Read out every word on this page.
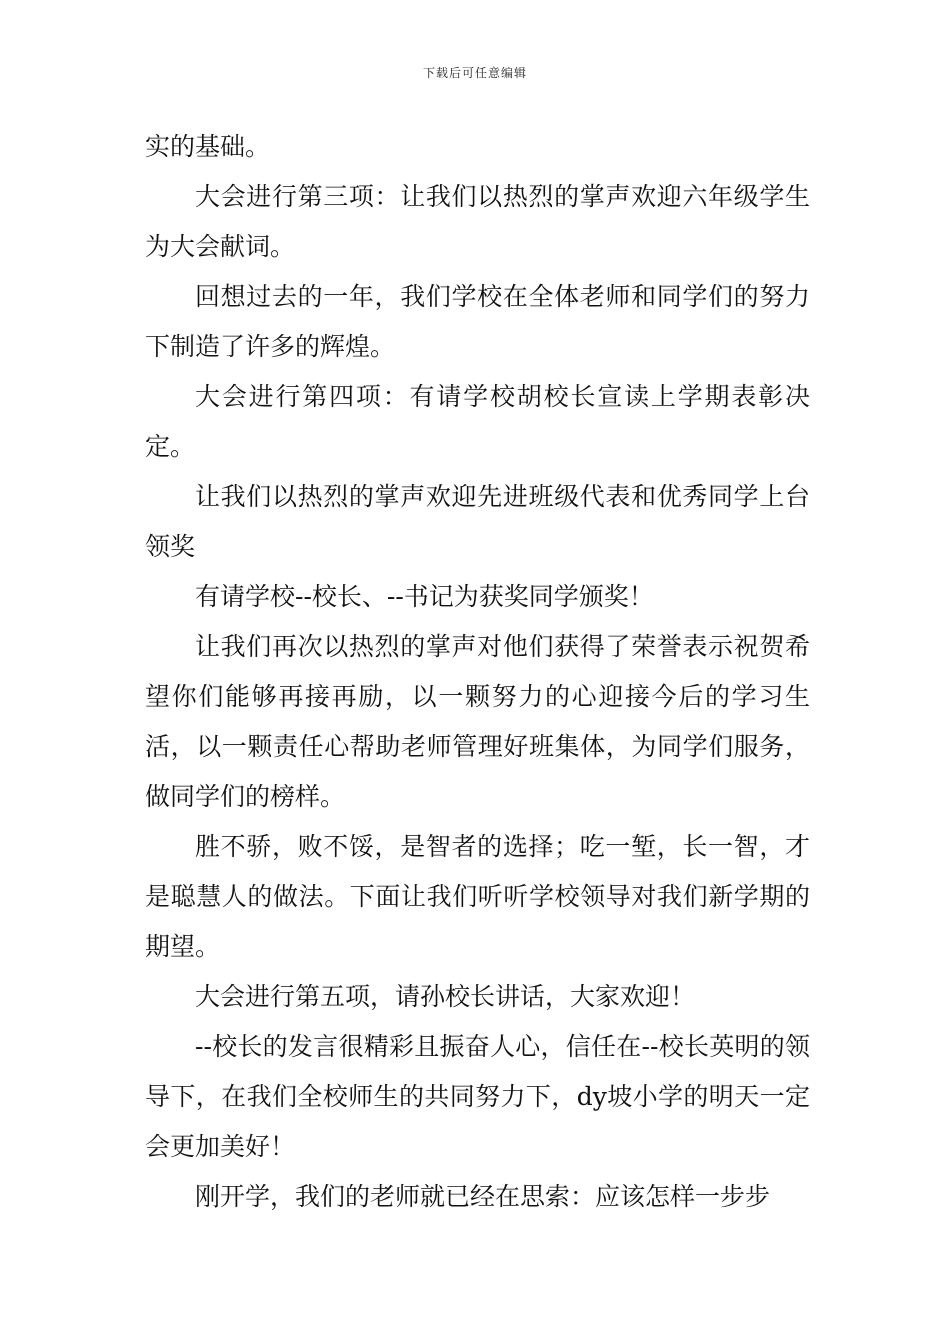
下载后可任意编辑

实的基础。

大会进行第三项：让我们以热烈的掌声欢迎六年级学生为大会献词。

回想过去的一年，我们学校在全体老师和同学们的努力下制造了许多的辉煌。

大会进行第四项：有请学校胡校长宣读上学期表彰决定。

让我们以热烈的掌声欢迎先进班级代表和优秀同学上台领奖

有请学校--校长、--书记为获奖同学颁奖！

让我们再次以热烈的掌声对他们获得了荣誉表示祝贺希望你们能够再接再励，以一颗努力的心迎接今后的学习生活，以一颗责任心帮助老师管理好班集体，为同学们服务，做同学们的榜样。

胜不骄，败不馁，是智者的选择；吃一堑，长一智，才是聪慧人的做法。下面让我们听听学校领导对我们新学期的期望。

大会进行第五项，请孙校长讲话，大家欢迎！

--校长的发言很精彩且振奋人心，信任在--校长英明的领导下，在我们全校师生的共同努力下，dy坡小学的明天一定会更加美好！

刚开学，我们的老师就已经在思索：应该怎样一步步
